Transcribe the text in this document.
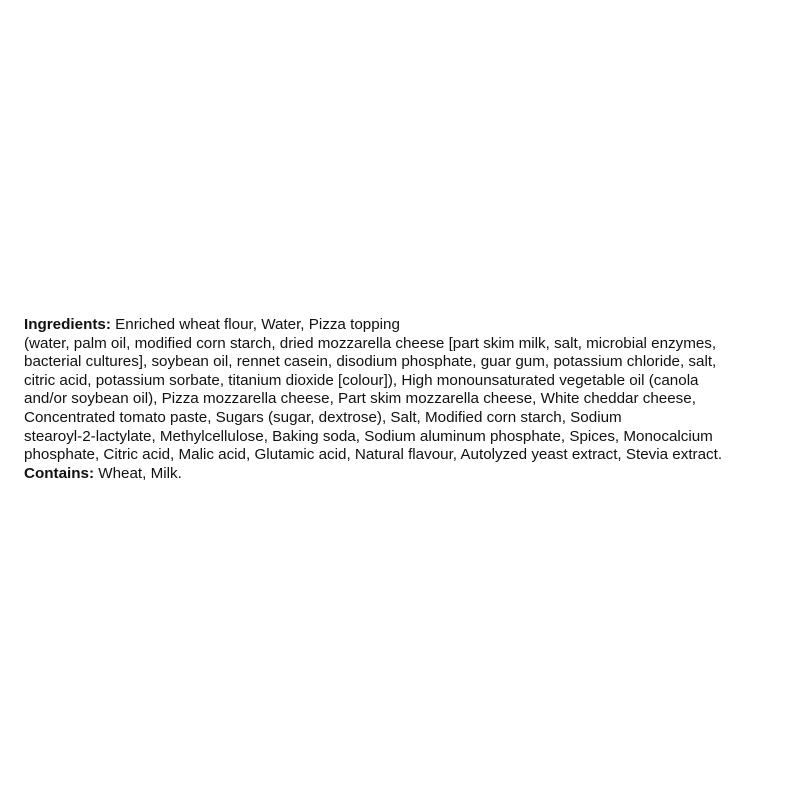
Ingredients: Enriched wheat flour, Water, Pizza topping
(water, palm oil, modified corn starch, dried mozzarella cheese [part skim milk, salt, microbial enzymes,
bacterial cultures], soybean oil, rennet casein, disodium phosphate, guar gum, potassium chloride, salt,
citric acid, potassium sorbate, titanium dioxide [colour]), High monounsaturated vegetable oil (canola
and/or soybean oil), Pizza mozzarella cheese, Part skim mozzarella cheese, White cheddar cheese,
Concentrated tomato paste, Sugars (sugar, dextrose), Salt, Modified corn starch, Sodium
stearoyl-2-lactylate, Methylcellulose, Baking soda, Sodium aluminum phosphate, Spices, Monocalcium
phosphate, Citric acid, Malic acid, Glutamic acid, Natural flavour, Autolyzed yeast extract, Stevia extract.
Contains: Wheat, Milk.
